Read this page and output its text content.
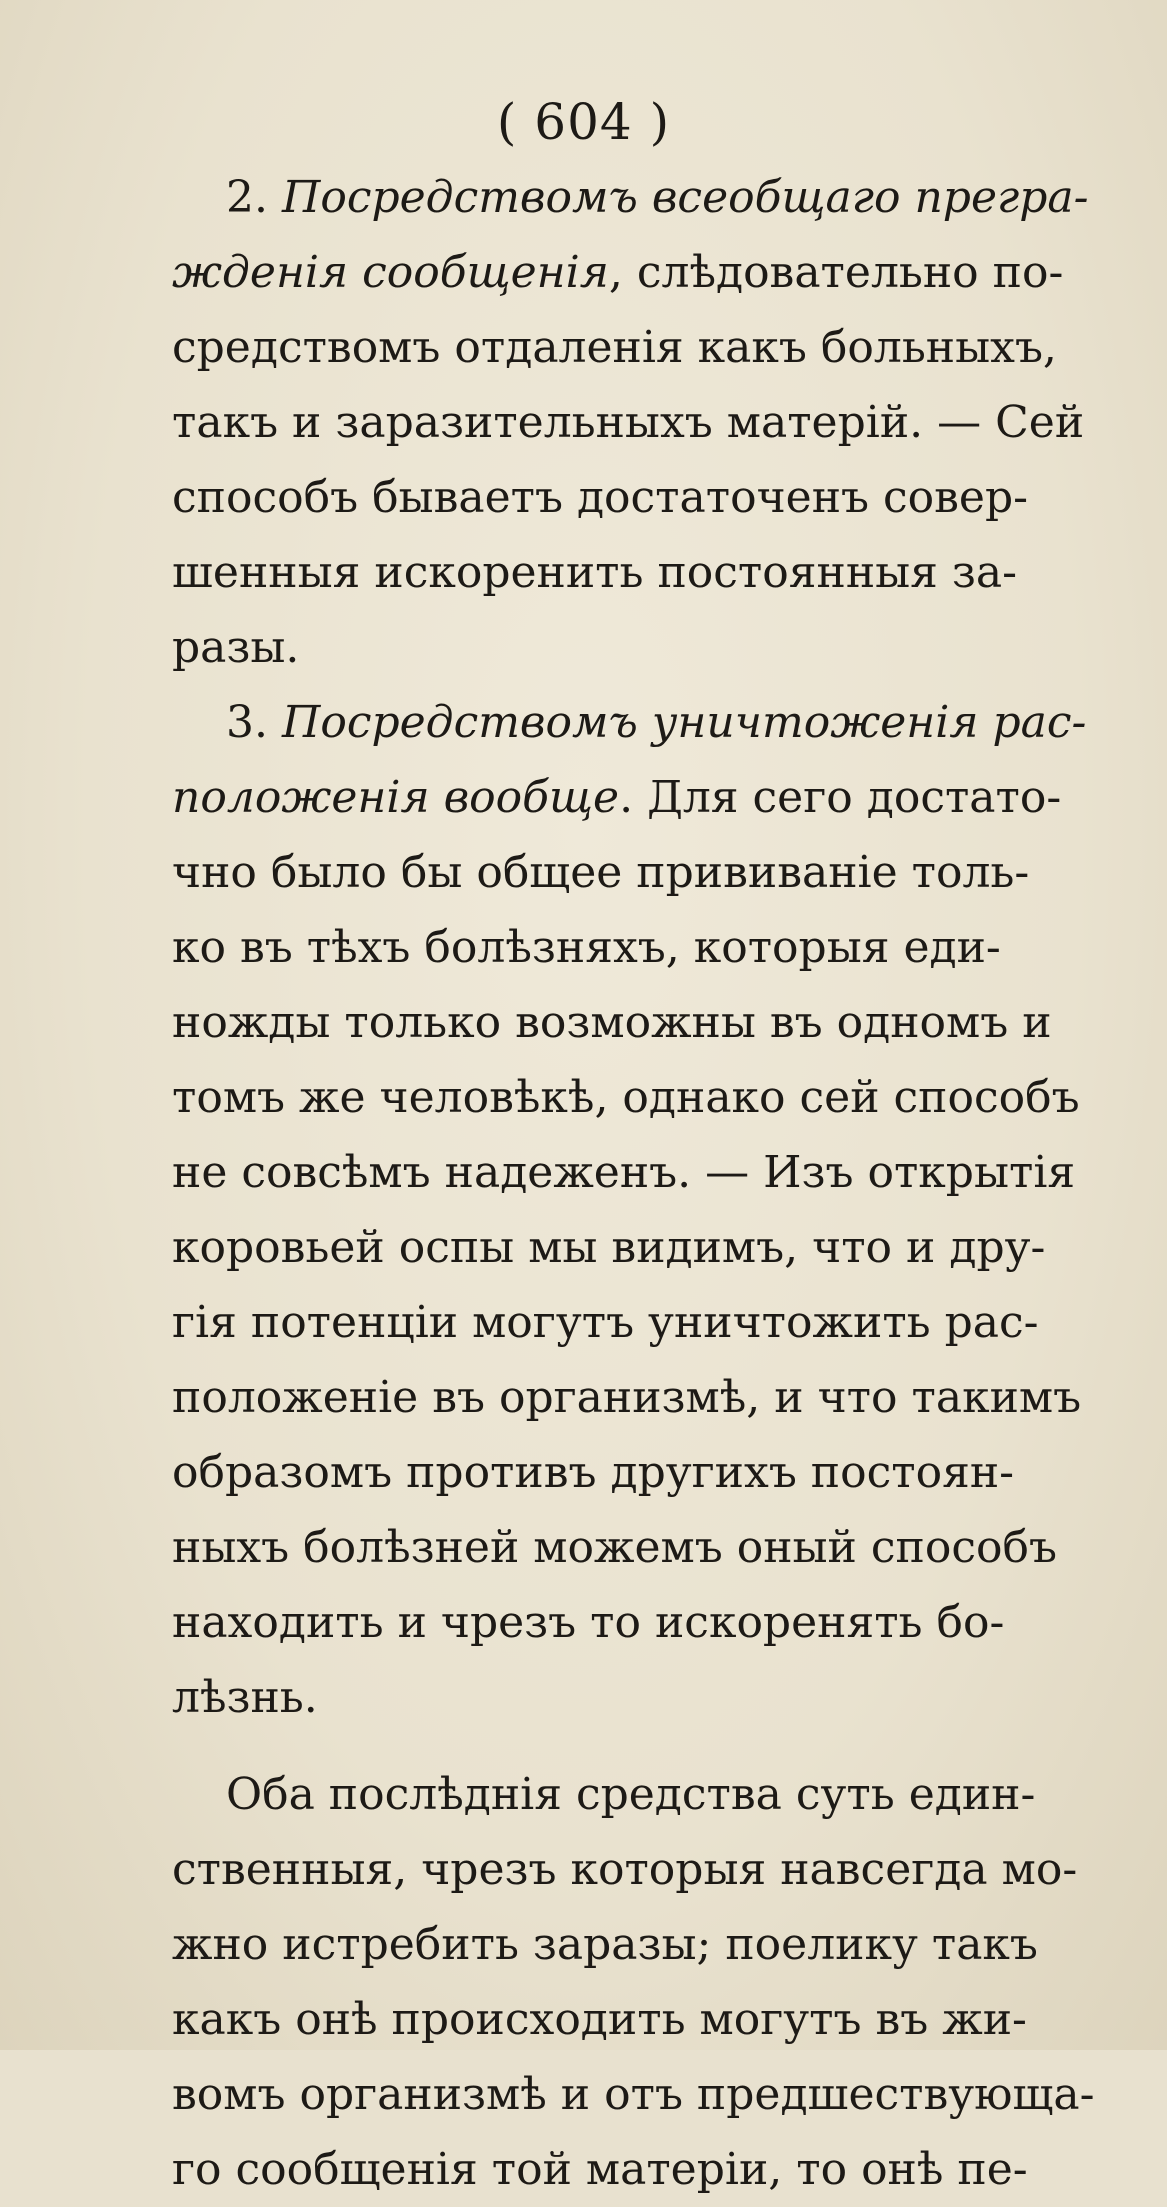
( 604 )
2. Посредствомъ всеобщаго прегра-
жденія сообщенія, слѣдовательно по-
средствомъ отдаленія какъ больныхъ,
такъ и заразительныхъ матерій. — Сей
способъ бываетъ достаточенъ совер-
шенныя искоренить постоянныя за-
разы.
3. Посредствомъ уничтоженія рас-
положенія вообще. Для сего достато-
чно было бы общее прививаніе толь-
ко въ тѣхъ болѣзняхъ, которыя еди-
ножды только возможны въ одномъ и
томъ же человѣкѣ, однако сей способъ
не совсѣмъ надеженъ. — Изъ открытія
коровьей оспы мы видимъ, что и дру-
гія потенціи могутъ уничтожить рас-
положеніе въ организмѣ, и что такимъ
образомъ противъ другихъ постоян-
ныхъ болѣзней можемъ оный способъ
находить и чрезъ то искоренять бо-
лѣзнь.
Оба послѣднія средства суть един-
ственныя, чрезъ которыя навсегда мо-
жно истребить заразы; поелику такъ
какъ онѣ происходить могутъ въ жи-
вомъ организмѣ и отъ предшествующа-
го сообщенія той матеріи, то онѣ пе-
